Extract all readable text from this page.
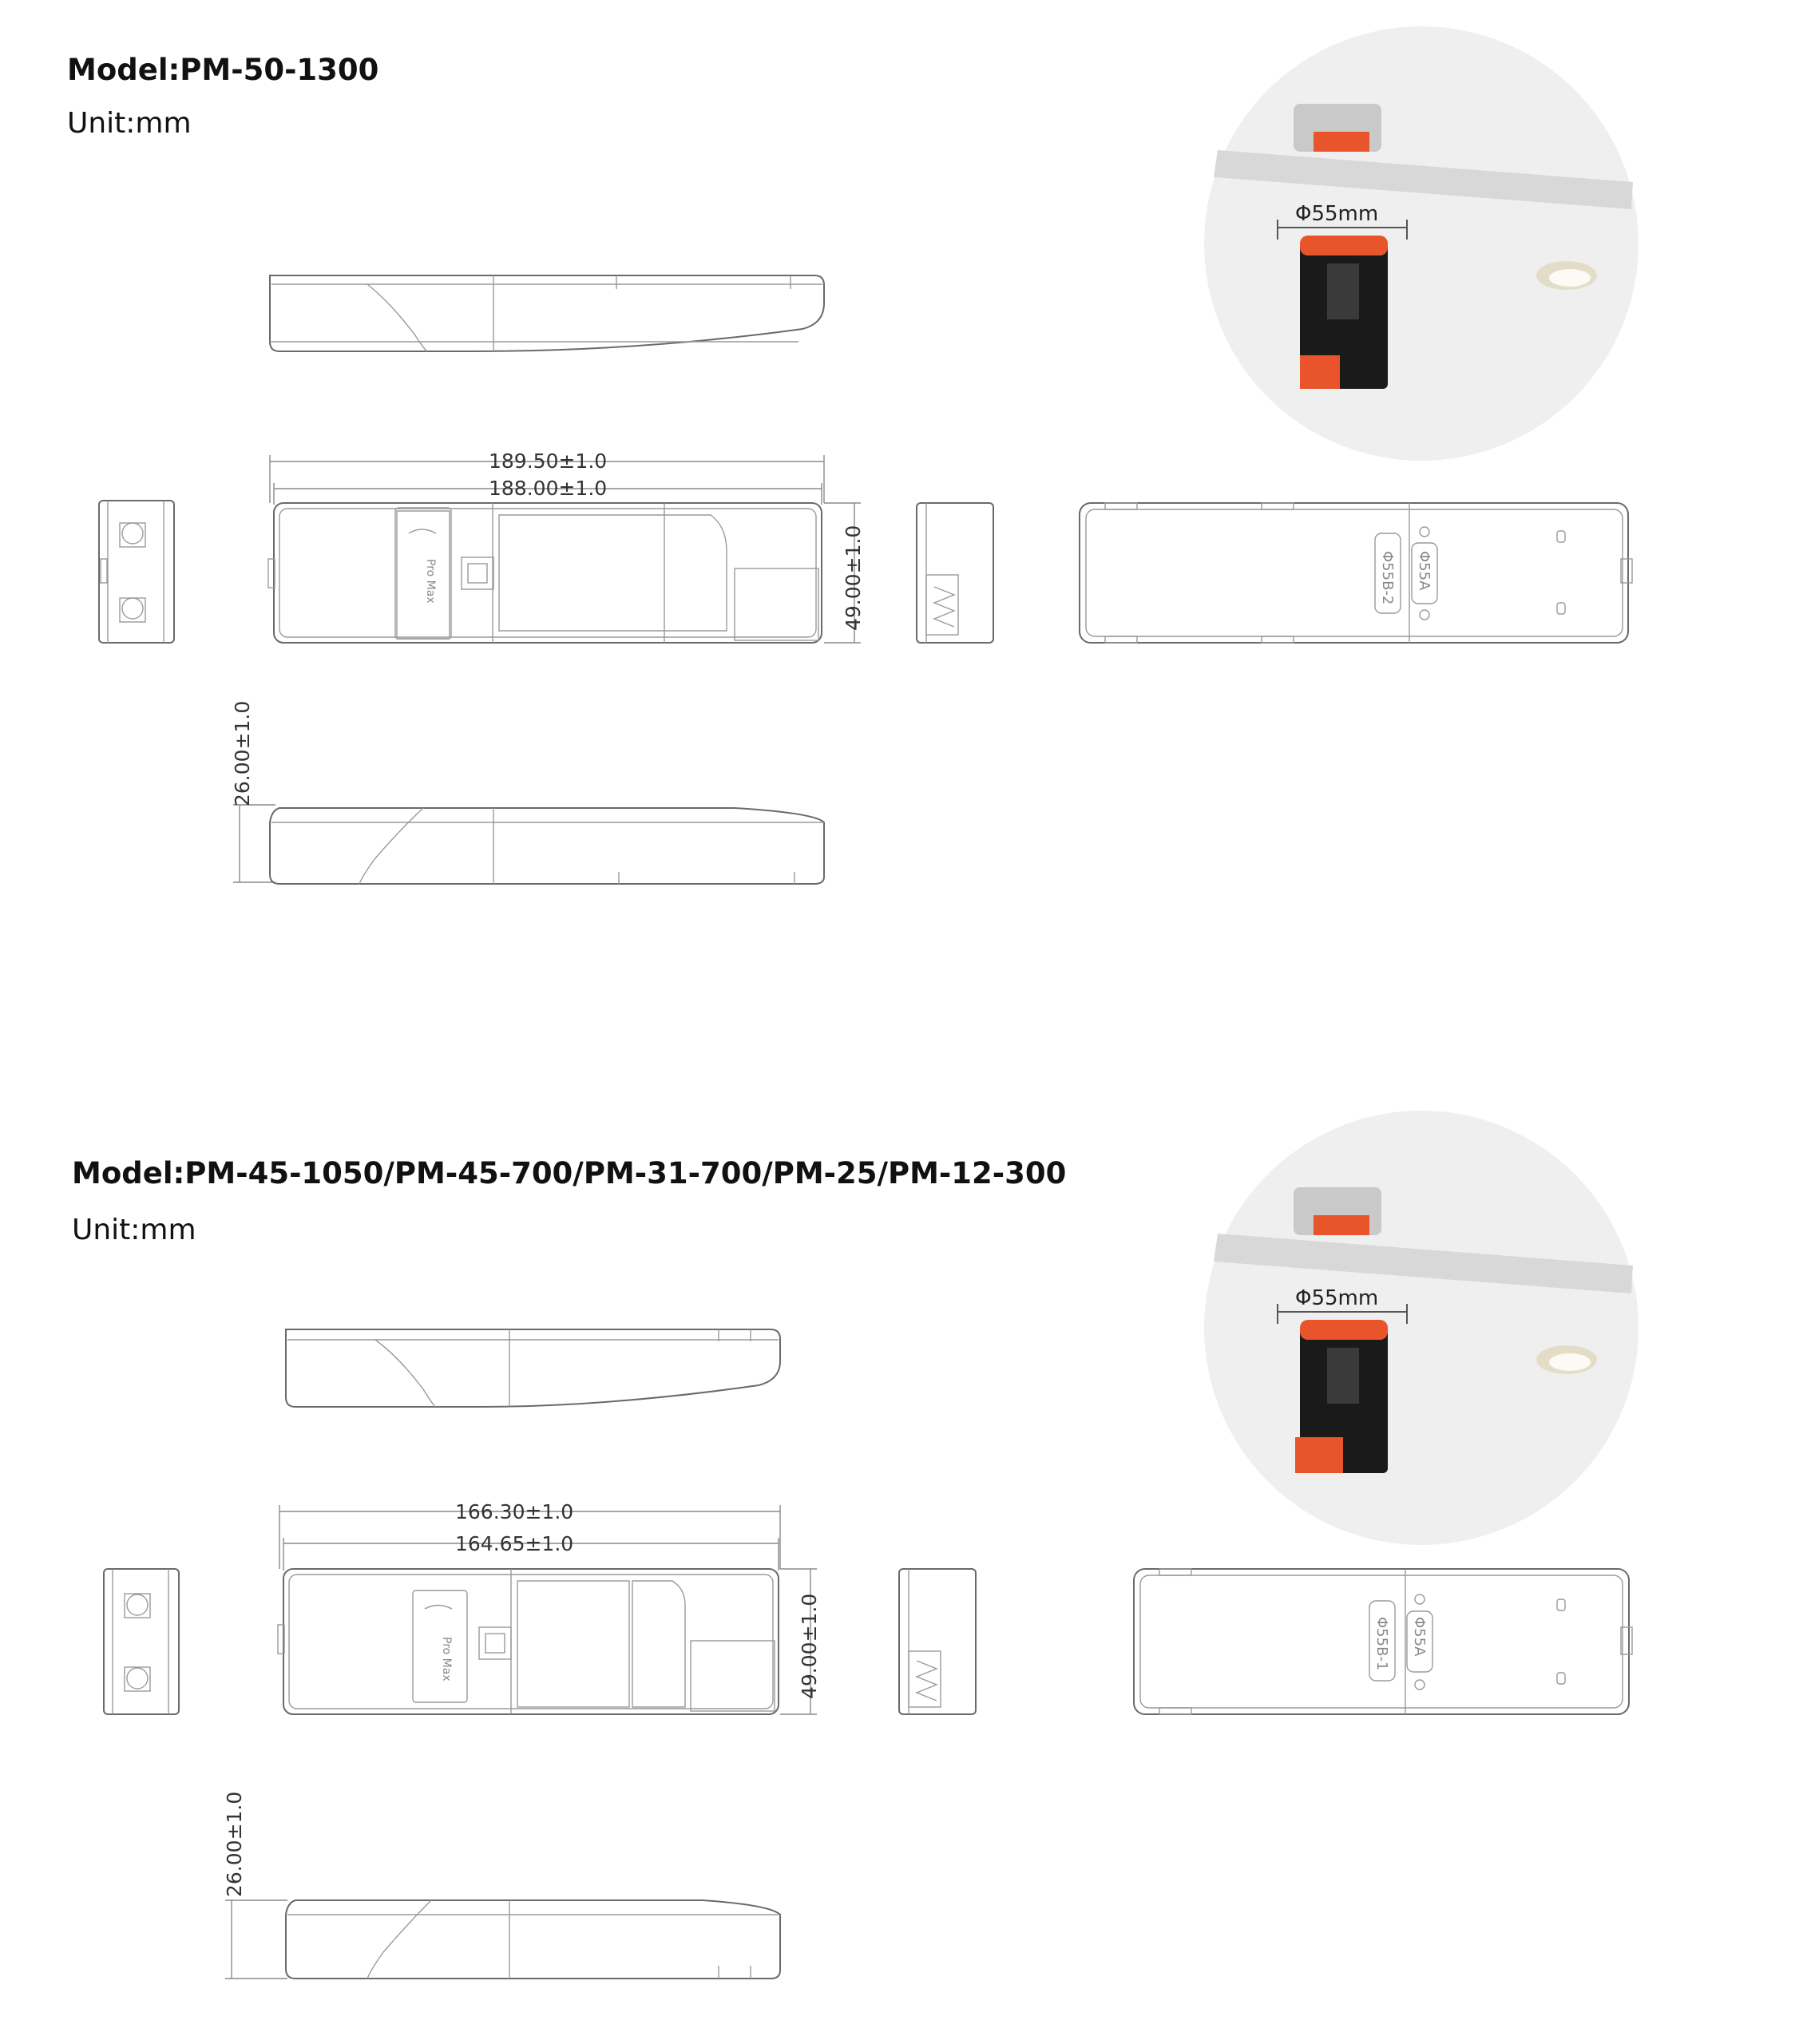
Model:PM-50-1300
Unit:mm
Model:PM-45-1050/PM-45-700/PM-31-700/PM-25/PM-12-300
Unit:mm
Pro Max
189.50±1.0
188.00±1.0
49.00±1.0
26.00±1.0
Φ55B-2 Φ55A
Φ55mm
Pro Max
166.30±1.0
164.65±1.0
49.00±1.0
26.00±1.0
Φ55B-1 Φ55A
Φ55mm
